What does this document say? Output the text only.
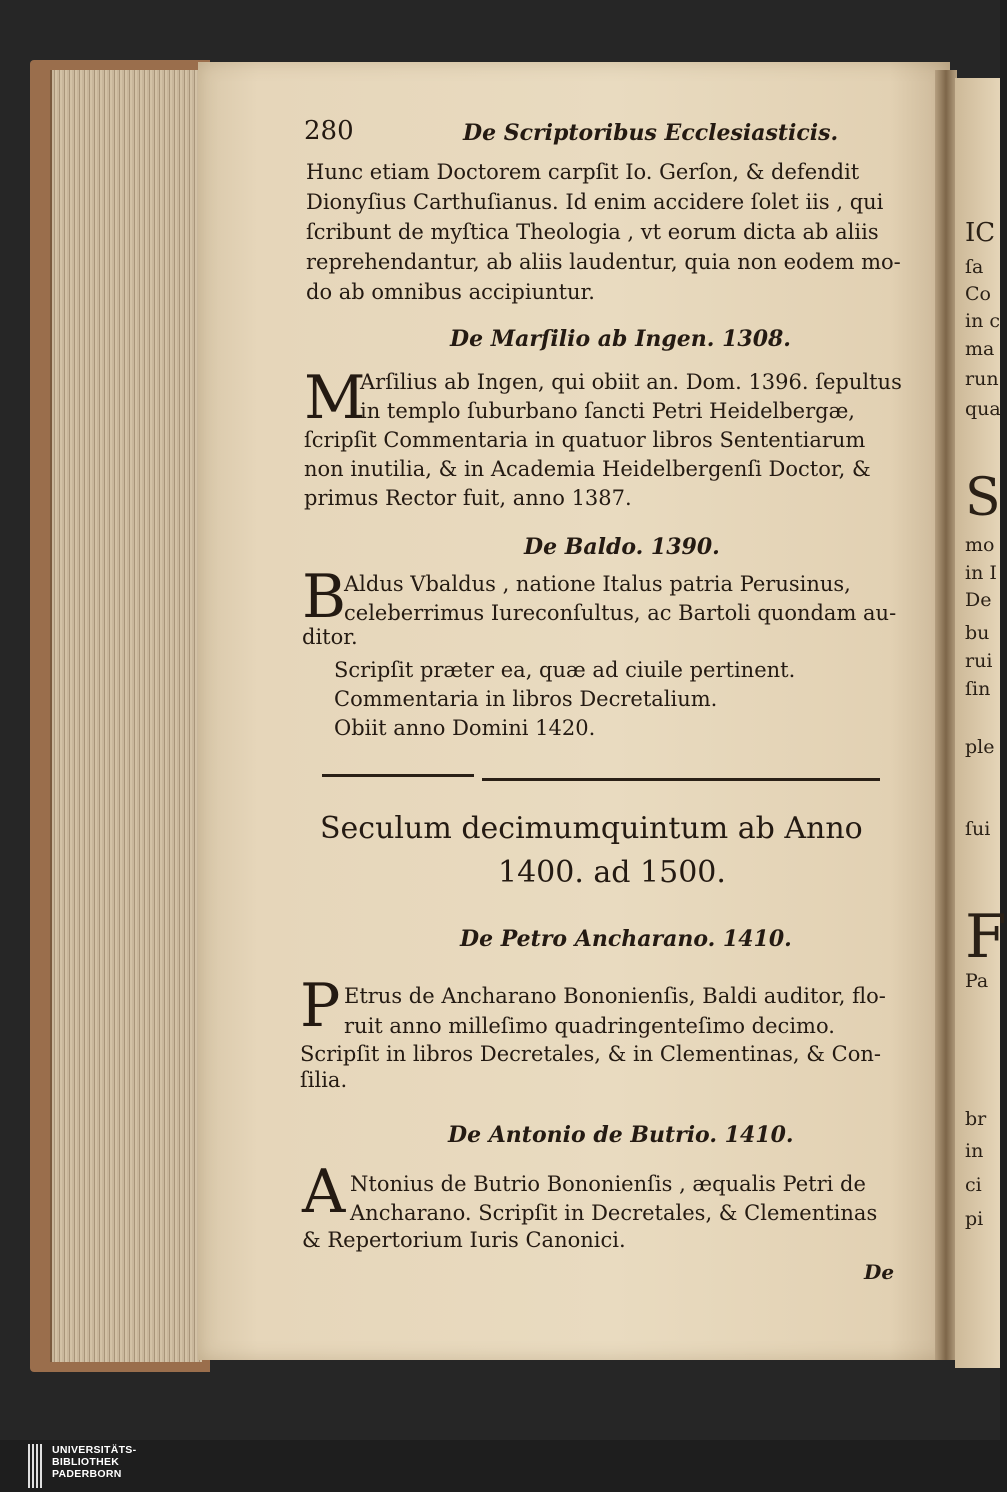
280	De Scriptoribus Ecclesiasticis.
Hunc etiam Doctorem carpſit Io. Gerſon, & defendit
Dionyſius Carthuſianus. Id enim accidere ſolet iis , qui
ſcribunt de myſtica Theologia , vt eorum dicta ab aliis
reprehendantur, ab aliis laudentur, quia non eodem mo-
do ab omnibus accipiuntur.
De Marſilio ab Ingen. 1308.
M
Arſilius ab Ingen, qui obiit an. Dom. 1396. ſepultus
in templo ſuburbano ſancti Petri Heidelbergæ,
ſcripſit Commentaria in quatuor libros Sententiarum
non inutilia, & in Academia Heidelbergenſi Doctor, &
primus Rector fuit, anno 1387.
De Baldo. 1390.
B
Aldus Vbaldus , natione Italus patria Perusinus,
celeberrimus Iureconſultus, ac Bartoli quondam au-
ditor.
Scripſit præter ea, quæ ad ciuile pertinent.
Commentaria in libros Decretalium.
Obiit anno Domini 1420.
Seculum decimumquintum ab Anno
1400. ad 1500.
De Petro Ancharano. 1410.
P Etrus de Ancharano Bononienſis, Baldi auditor, flo-
ruit anno milleſimo quadringenteſimo decimo.
Scripſit in libros Decretales, & in Clementinas, & Con-
ſilia.
De Antonio de Butrio. 1410.
A Ntonius de Butrio Bononienſis , æqualis Petri de
Ancharano. Scripſit in Decretales, & Clementinas
& Repertorium Iuris Canonici.
De
IC
ſa
Co
in c
ma
run
qua
S
mo
in I
De
bu
rui
ſin
ple
ſui
F
Pa
br
in
ci
pi
UNIVERSITÄTS-
BIBLIOTHEK
PADERBORN
